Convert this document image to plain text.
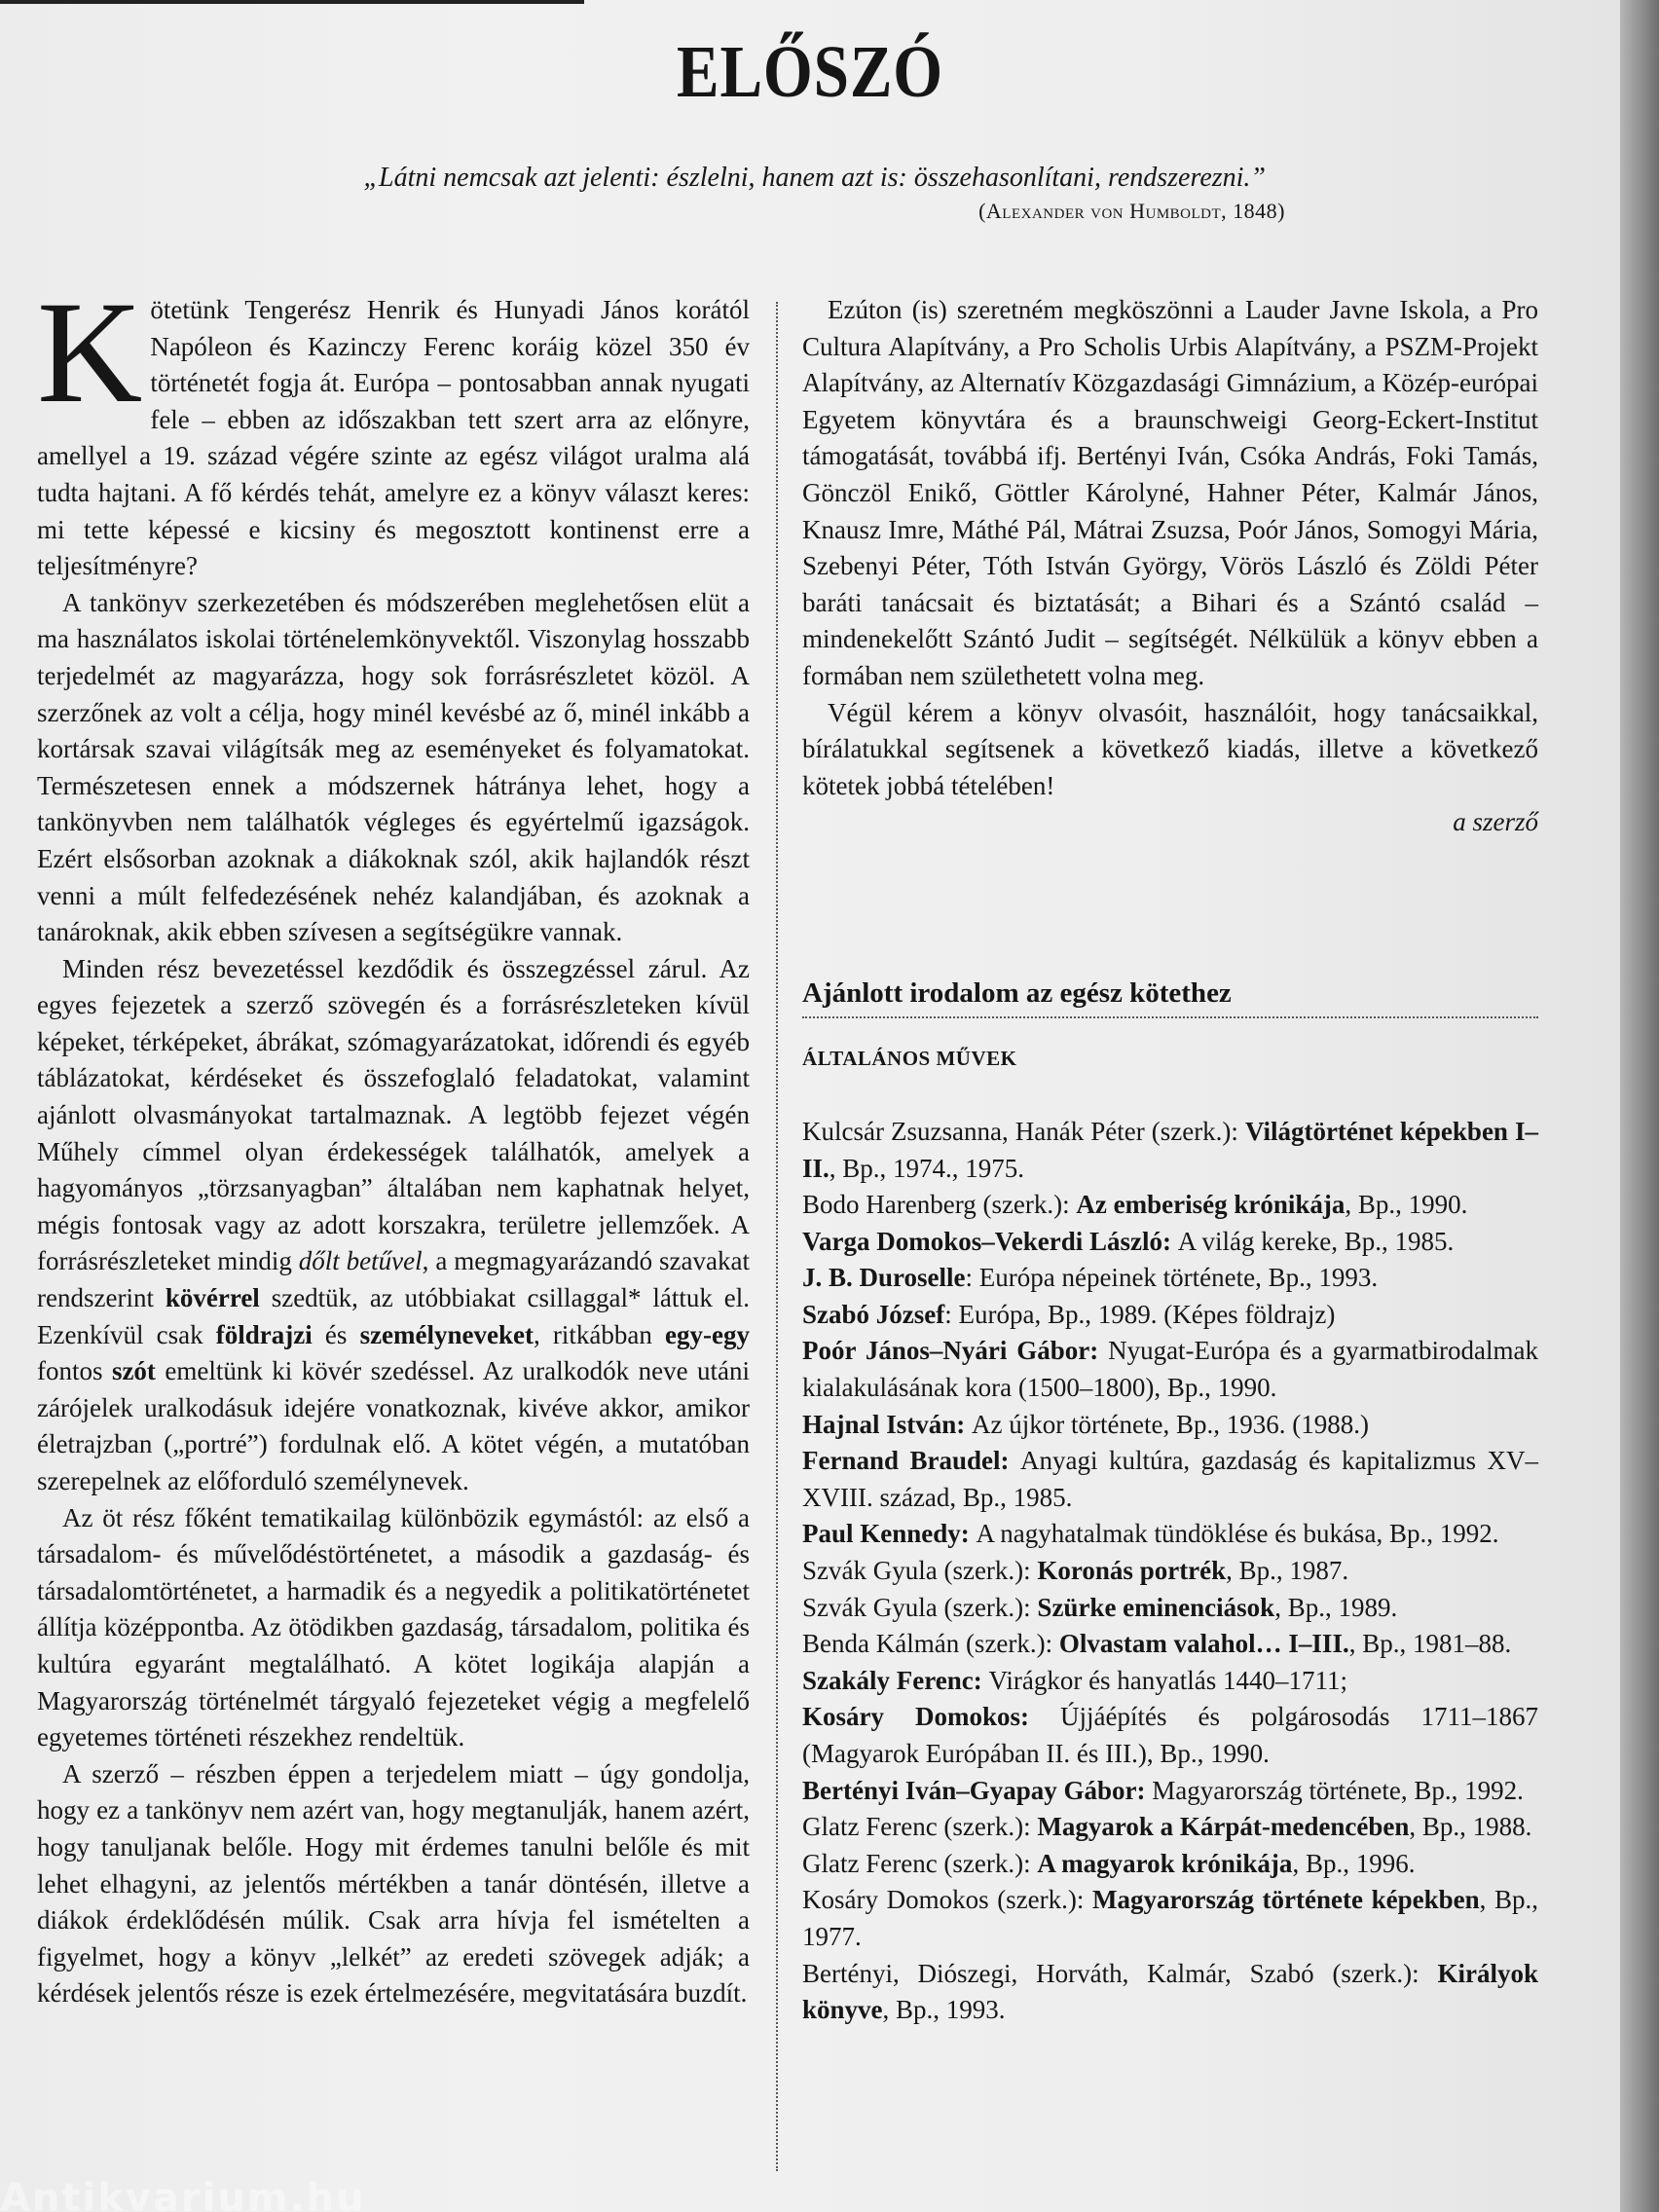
ELŐSZÓ

„Látni nemcsak azt jelenti: észlelni, hanem azt is: összehasonlítani, rendszerezni.”

(Alexander von Humboldt, 1848)

Kötetünk Tengerész Henrik és Hunyadi János korától Napóleon és Kazinczy Ferenc koráig közel 350 év történetét fogja át. Európa – pontosabban annak nyugati fele – ebben az időszakban tett szert arra az előnyre, amellyel a 19. század végére szinte az egész világot uralma alá tudta hajtani. A fő kérdés tehát, amelyre ez a könyv választ keres: mi tette képessé e kicsiny és megosztott kontinenst erre a teljesítményre?

A tankönyv szerkezetében és módszerében meglehetősen elüt a ma használatos iskolai történelemkönyvektől. Viszonylag hosszabb terjedelmét az magyarázza, hogy sok forrásrészletet közöl. A szerzőnek az volt a célja, hogy minél kevésbé az ő, minél inkább a kortársak szavai világítsák meg az eseményeket és folyamatokat. Természetesen ennek a módszernek hátránya lehet, hogy a tankönyvben nem találhatók végleges és egyértelmű igazságok. Ezért elsősorban azoknak a diákoknak szól, akik hajlandók részt venni a múlt felfedezésének nehéz kalandjában, és azoknak a tanároknak, akik ebben szívesen a segítségükre vannak.

Minden rész bevezetéssel kezdődik és összegzéssel zárul. Az egyes fejezetek a szerző szövegén és a forrásrészleteken kívül képeket, térképeket, ábrákat, szómagyarázatokat, időrendi és egyéb táblázatokat, kérdéseket és összefoglaló feladatokat, valamint ajánlott olvasmányokat tartalmaznak. A legtöbb fejezet végén Műhely címmel olyan érdekességek találhatók, amelyek a hagyományos „törzsanyagban” általában nem kaphatnak helyet, mégis fontosak vagy az adott korszakra, területre jellemzőek. A forrásrészleteket mindig dőlt betűvel, a megmagyarázandó szavakat rendszerint kövérrel szedtük, az utóbbiakat csillaggal* láttuk el. Ezenkívül csak földrajzi és személyneveket, ritkábban egy-egy fontos szót emeltünk ki kövér szedéssel. Az uralkodók neve utáni zárójelek uralkodásuk idejére vonatkoznak, kivéve akkor, amikor életrajzban („portré”) fordulnak elő. A kötet végén, a mutatóban szerepelnek az előforduló személynevek.

Az öt rész főként tematikailag különbözik egymástól: az első a társadalom- és művelődéstörténetet, a második a gazdaság- és társadalomtörténetet, a harmadik és a negyedik a politikatörténetet állítja középpontba. Az ötödikben gazdaság, társadalom, politika és kultúra egyaránt megtalálható. A kötet logikája alapján a Magyarország történelmét tárgyaló fejezeteket végig a megfelelő egyetemes történeti részekhez rendeltük.

A szerző – részben éppen a terjedelem miatt – úgy gondolja, hogy ez a tankönyv nem azért van, hogy megtanulják, hanem azért, hogy tanuljanak belőle. Hogy mit érdemes tanulni belőle és mit lehet elhagyni, az jelentős mértékben a tanár döntésén, illetve a diákok érdeklődésén múlik. Csak arra hívja fel ismételten a figyelmet, hogy a könyv „lelkét” az eredeti szövegek adják; a kérdések jelentős része is ezek értelmezésére, megvitatására buzdít.

Ezúton (is) szeretném megköszönni a Lauder Javne Iskola, a Pro Cultura Alapítvány, a Pro Scholis Urbis Alapítvány, a PSZM-Projekt Alapítvány, az Alternatív Közgazdasági Gimnázium, a Közép-európai Egyetem könyvtára és a braunschweigi Georg-Eckert-Institut támogatását, továbbá ifj. Bertényi Iván, Csóka András, Foki Tamás, Gönczöl Enikő, Göttler Károlyné, Hahner Péter, Kalmár János, Knausz Imre, Máthé Pál, Mátrai Zsuzsa, Poór János, Somogyi Mária, Szebenyi Péter, Tóth István György, Vörös László és Zöldi Péter baráti tanácsait és biztatását; a Bihari és a Szántó család – mindenekelőtt Szántó Judit – segítségét. Nélkülük a könyv ebben a formában nem születhetett volna meg.

Végül kérem a könyv olvasóit, használóit, hogy tanácsaikkal, bírálatukkal segítsenek a következő kiadás, illetve a következő kötetek jobbá tételében!

a szerző

Ajánlott irodalom az egész kötethez
ÁLTALÁNOS MŰVEK
Kulcsár Zsuzsanna, Hanák Péter (szerk.): Világtörténet képekben I–II., Bp., 1974., 1975.
Bodo Harenberg (szerk.): Az emberiség krónikája, Bp., 1990.
Varga Domokos–Vekerdi László: A világ kereke, Bp., 1985.
J. B. Duroselle: Európa népeinek története, Bp., 1993.
Szabó József: Európa, Bp., 1989. (Képes földrajz)
Poór János–Nyári Gábor: Nyugat-Európa és a gyarmatbirodalmak kialakulásának kora (1500–1800), Bp., 1990.
Hajnal István: Az újkor története, Bp., 1936. (1988.)
Fernand Braudel: Anyagi kultúra, gazdaság és kapitalizmus XV–XVIII. század, Bp., 1985.
Paul Kennedy: A nagyhatalmak tündöklése és bukása, Bp., 1992.
Szvák Gyula (szerk.): Koronás portrék, Bp., 1987.
Szvák Gyula (szerk.): Szürke eminenciások, Bp., 1989.
Benda Kálmán (szerk.): Olvastam valahol… I–III., Bp., 1981–88.
Szakály Ferenc: Virágkor és hanyatlás 1440–1711;
Kosáry Domokos: Újjáépítés és polgárosodás 1711–1867 (Magyarok Európában II. és III.), Bp., 1990.
Bertényi Iván–Gyapay Gábor: Magyarország története, Bp., 1992.
Glatz Ferenc (szerk.): Magyarok a Kárpát-medencében, Bp., 1988.
Glatz Ferenc (szerk.): A magyarok krónikája, Bp., 1996.
Kosáry Domokos (szerk.): Magyarország története képekben, Bp., 1977.
Bertényi, Diószegi, Horváth, Kalmár, Szabó (szerk.): Királyok könyve, Bp., 1993.
Antikvarium.hu
